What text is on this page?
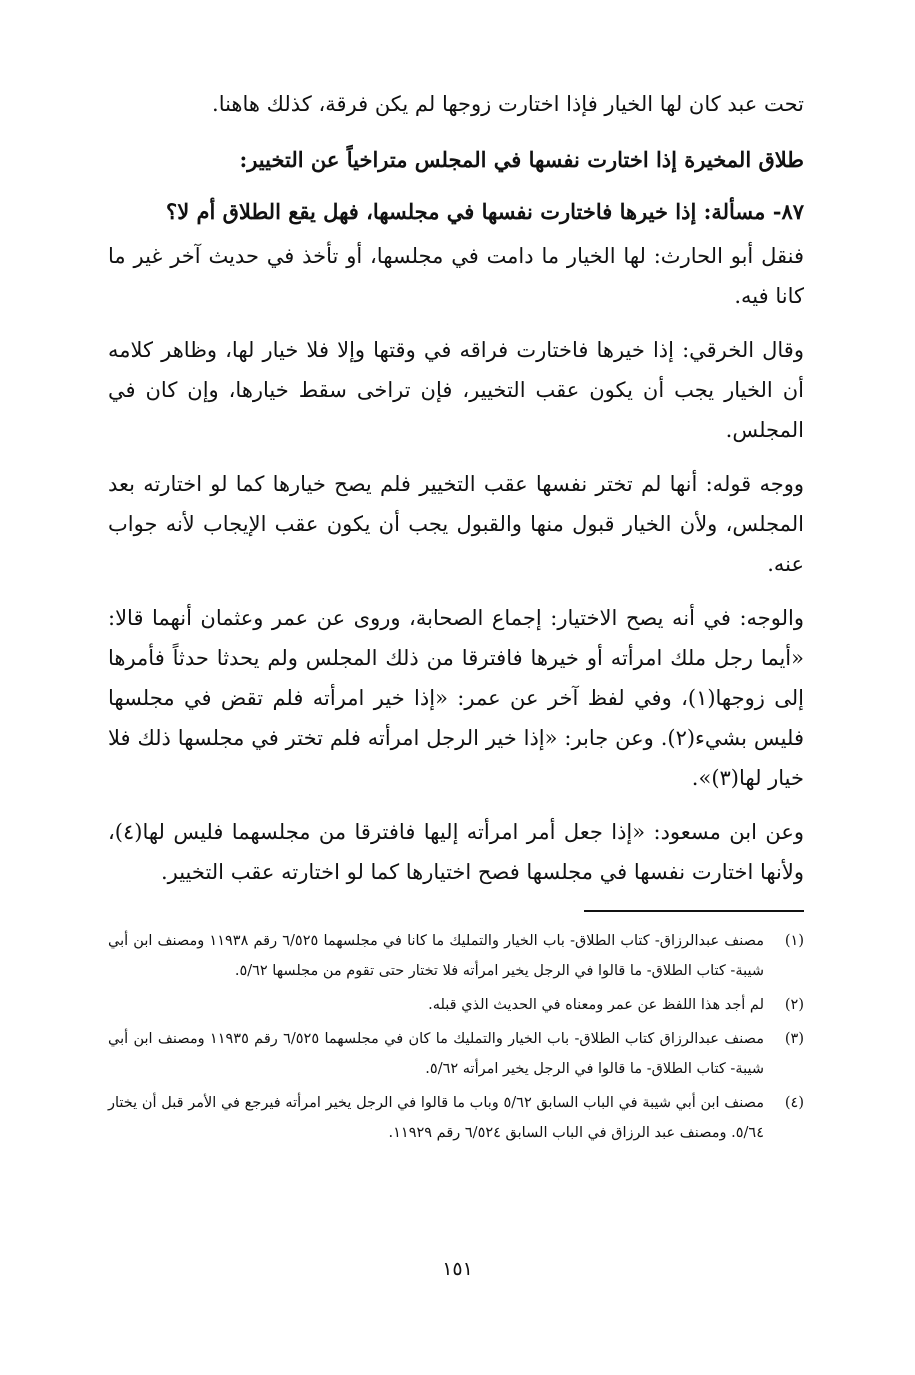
تحت عبد كان لها الخيار فإذا اختارت زوجها لم يكن فرقة، كذلك هاهنا.

طلاق المخيرة إذا اختارت نفسها في المجلس متراخياً عن التخيير:

٨٧- مسألة: إذا خيرها فاختارت نفسها في مجلسها، فهل يقع الطلاق أم لا؟

فنقل أبو الحارث: لها الخيار ما دامت في مجلسها، أو تأخذ في حديث آخر غير ما كانا فيه.

وقال الخرقي: إذا خيرها فاختارت فراقه في وقتها وإلا فلا خيار لها، وظاهر كلامه أن الخيار يجب أن يكون عقب التخيير، فإن تراخى سقط خيارها، وإن كان في المجلس.

ووجه قوله: أنها لم تختر نفسها عقب التخيير فلم يصح خيارها كما لو اختارته بعد المجلس، ولأن الخيار قبول منها والقبول يجب أن يكون عقب الإيجاب لأنه جواب عنه.

والوجه: في أنه يصح الاختيار: إجماع الصحابة، وروى عن عمر وعثمان أنهما قالا: «أيما رجل ملك امرأته أو خيرها فافترقا من ذلك المجلس ولم يحدثا حدثاً فأمرها إلى زوجها(١)، وفي لفظ آخر عن عمر: «إذا خير امرأته فلم تقض في مجلسها فليس بشيء(٢). وعن جابر: «إذا خير الرجل امرأته فلم تختر في مجلسها ذلك فلا خيار لها(٣)».

وعن ابن مسعود: «إذا جعل أمر امرأته إليها فافترقا من مجلسهما فليس لها(٤)، ولأنها اختارت نفسها في مجلسها فصح اختيارها كما لو اختارته عقب التخيير.

(١)
مصنف عبدالرزاق- كتاب الطلاق- باب الخيار والتمليك ما كانا في مجلسهما ٦/٥٢٥ رقم ١١٩٣٨ ومصنف ابن أبي شيبة- كتاب الطلاق- ما قالوا في الرجل يخير امرأته فلا تختار حتى تقوم من مجلسها ٥/٦٢.
(٢)
لم أجد هذا اللفظ عن عمر ومعناه في الحديث الذي قبله.
(٣)
مصنف عبدالرزاق كتاب الطلاق- باب الخيار والتمليك ما كان في مجلسهما ٦/٥٢٥ رقم ١١٩٣٥ ومصنف ابن أبي شيبة- كتاب الطلاق- ما قالوا في الرجل يخير امرأته ٥/٦٢.
(٤)
مصنف ابن أبي شيبة في الباب السابق ٥/٦٢ وباب ما قالوا في الرجل يخير امرأته فيرجع في الأمر قبل أن يختار ٥/٦٤. ومصنف عبد الرزاق في الباب السابق ٦/٥٢٤ رقم ١١٩٢٩.
١٥١
